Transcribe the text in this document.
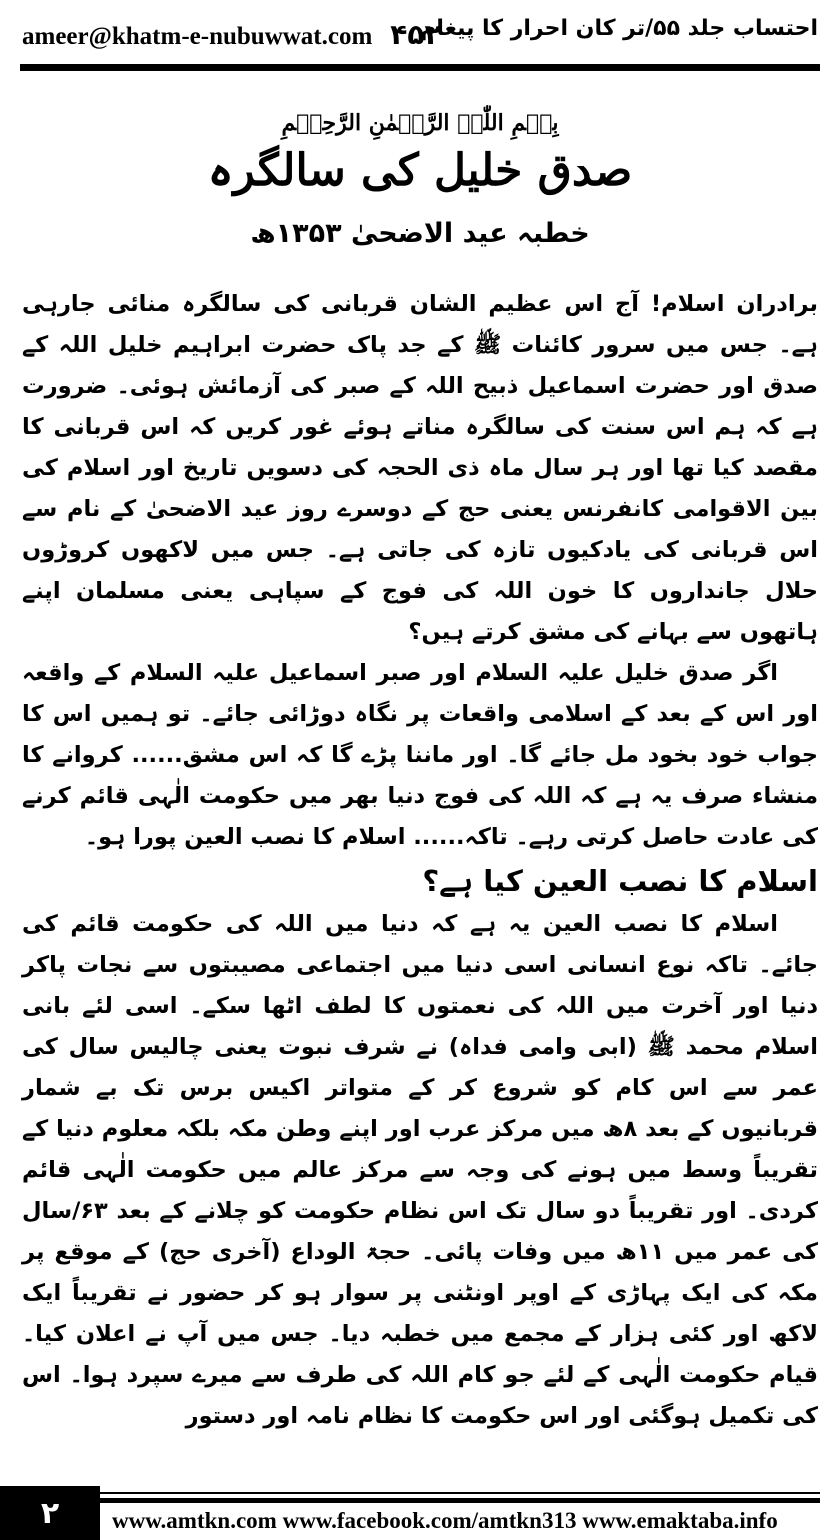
ameer@khatm-e-nubuwwat.com ۴۵۲
احتساب جلد ۵۵/تر کان احرار کا پیغام
بِسۡمِ اللّٰہِ الرَّحۡمٰنِ الرَّحِیۡمِ
صدق خلیل کی سالگرہ
خطبہ عید الاضحیٰ ۱۳۵۳ھ

برادران اسلام! آج اس عظیم الشان قربانی کی سالگرہ منائی جارہی ہے۔ جس میں سرور کائنات ﷺ کے جد پاک حضرت ابراہیم خلیل اللہ کے صدق اور حضرت اسماعیل ذبیح اللہ کے صبر کی آزمائش ہوئی۔ ضرورت ہے کہ ہم اس سنت کی سالگرہ مناتے ہوئے غور کریں کہ اس قربانی کا مقصد کیا تھا اور ہر سال ماہ ذی الحجہ کی دسویں تاریخ اور اسلام کی بین الاقوامی کانفرنس یعنی حج کے دوسرے روز عید الاضحیٰ کے نام سے اس قربانی کی یادکیوں تازہ کی جاتی ہے۔ جس میں لاکھوں کروڑوں حلال جانداروں کا خون اللہ کی فوج کے سپاہی یعنی مسلمان اپنے ہاتھوں سے بہانے کی مشق کرتے ہیں؟

اگر صدق خلیل علیہ السلام اور صبر اسماعیل علیہ السلام کے واقعہ اور اس کے بعد کے اسلامی واقعات پر نگاہ دوڑائی جائے۔ تو ہمیں اس کا جواب خود بخود مل جائے گا۔ اور ماننا پڑے گا کہ اس مشق...... کروانے کا منشاء صرف یہ ہے کہ اللہ کی فوج دنیا بھر میں حکومت الٰہی قائم کرنے کی عادت حاصل کرتی رہے۔ تاکہ...... اسلام کا نصب العین پورا ہو۔

اسلام کا نصب العین کیا ہے؟

اسلام کا نصب العین یہ ہے کہ دنیا میں اللہ کی حکومت قائم کی جائے۔ تاکہ نوع انسانی اسی دنیا میں اجتماعی مصیبتوں سے نجات پاکر دنیا اور آخرت میں اللہ کی نعمتوں کا لطف اٹھا سکے۔ اسی لئے بانی اسلام محمد ﷺ (ابی وامی فداہ) نے شرف نبوت یعنی چالیس سال کی عمر سے اس کام کو شروع کر کے متواتر اکیس برس تک بے شمار قربانیوں کے بعد ۸ھ میں مرکز عرب اور اپنے وطن مکہ بلکہ معلوم دنیا کے تقریباً وسط میں ہونے کی وجہ سے مرکز عالم میں حکومت الٰہی قائم کردی۔ اور تقریباً دو سال تک اس نظام حکومت کو چلانے کے بعد ۶۳/سال کی عمر میں ۱۱ھ میں وفات پائی۔ حجۃ الوداع (آخری حج) کے موقع پر مکہ کی ایک پہاڑی کے اوپر اونٹنی پر سوار ہو کر حضور نے تقریباً ایک لاکھ اور کئی ہزار کے مجمع میں خطبہ دیا۔ جس میں آپ نے اعلان کیا۔ قیام حکومت الٰہی کے لئے جو کام اللہ کی طرف سے میرے سپرد ہوا۔ اس کی تکمیل ہوگئی اور اس حکومت کا نظام نامہ اور دستور

۲	www.amtkn.com www.facebook.com/amtkn313 www.emaktaba.info
